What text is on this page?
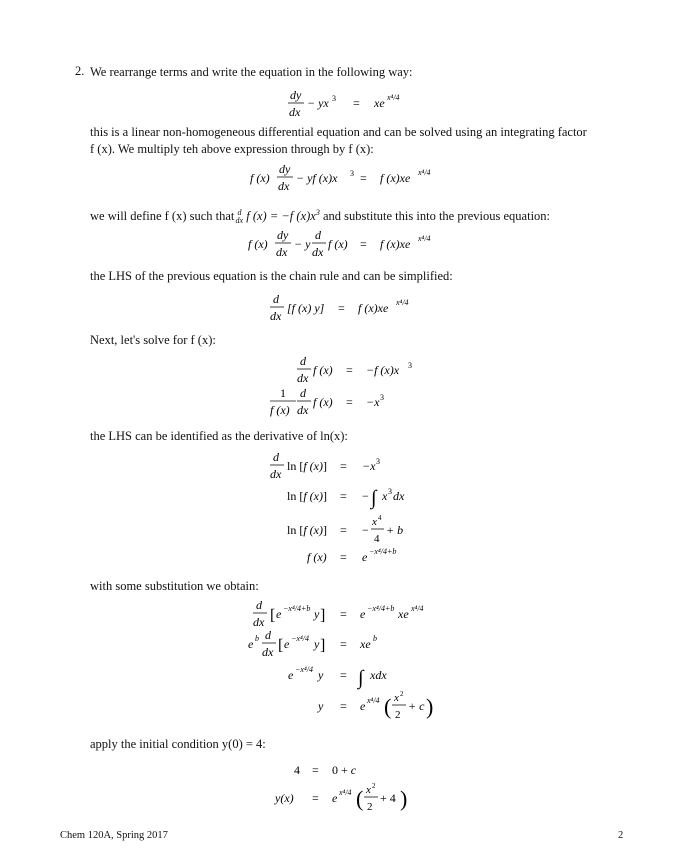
2. We rearrange terms and write the equation in the following way:
dy
dx
− yx 3 = xe x⁴/4
this is a linear non-homogeneous differential equation and can be solved using an integrating factor
f (x). We multiply teh above expression through by f (x):
f (x)
dy
dx
− yf (x)x 3 = f (x)xe x⁴/4
we will define f (x) such that $^d_{dx}$ f (x) = −f $(x)x^3$ and substitute this into the previous equation:
f (x)
dy
dx
− y
d
dx
f (x) = f (x)xe x⁴/4
the LHS of the previous equation is the chain rule and can be simplified:
d
dx
[f (x) y] = f (x)xe x⁴/4
Next, let's solve for f (x):
d
dx
f (x) = −f (x)x 3
1
f (x)
d
dx
f (x) = −x 3
the LHS can be identified as the derivative of ln(x):
d
dx
ln [f (x)] = −x 3
ln [f (x)] = − ∫ x 3 dx
ln [f (x)] = −
x 4
4
+ b
f (x) = e −x⁴/4+b
with some substitution we obtain:
d
dx [ e −x⁴/4+b y ] = e −x⁴/4+b xe x⁴/4
e b d
dx [ e −x⁴/4 y ] = xe b
e −x⁴/4 y = ∫ xdx
y = e x⁴/4 ( x 2
2
+ c )
apply the initial condition y(0) = 4:
4 = 0 + c
y(x) = e x⁴/4 ( x 2
2
+ 4 )
Chem 120A, Spring 2017	2
